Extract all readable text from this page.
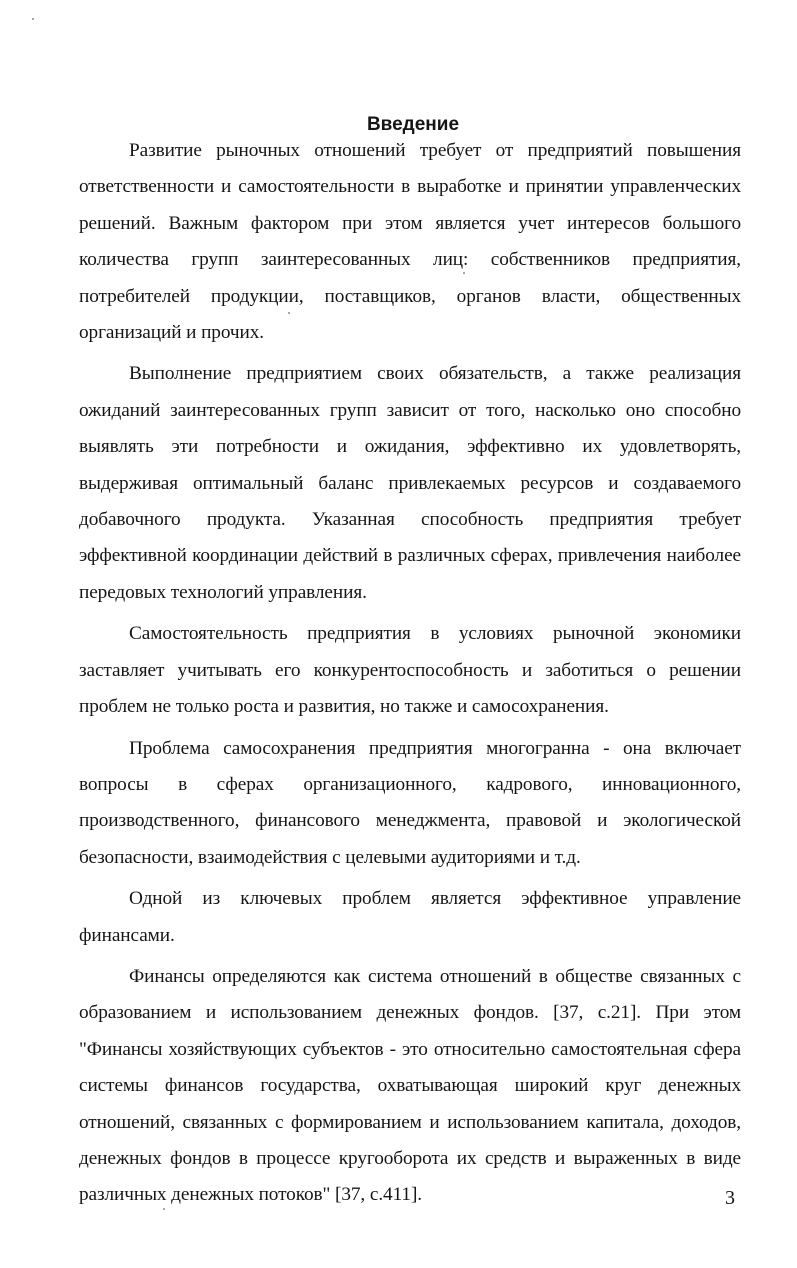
Введение

Развитие рыночных отношений требует от предприятий повышения ответственности и самостоятельности в выработке и принятии управленческих решений. Важным фактором при этом является учет интересов большого количества групп заинтересованных лиц: собственников предприятия, потребителей продукции, поставщиков, органов власти, общественных организаций и прочих.

Выполнение предприятием своих обязательств, а также реализация ожиданий заинтересованных групп зависит от того, насколько оно способно выявлять эти потребности и ожидания, эффективно их удовлетворять, выдерживая оптимальный баланс привлекаемых ресурсов и создаваемого добавочного продукта. Указанная способность предприятия требует эффективной координации действий в различных сферах, привлечения наиболее передовых технологий управления.

Самостоятельность предприятия в условиях рыночной экономики заставляет учитывать его конкурентоспособность и заботиться о решении проблем не только роста и развития, но также и самосохранения.

Проблема самосохранения предприятия многогранна - она включает вопросы в сферах организационного, кадрового, инновационного, производственного, финансового менеджмента, правовой и экологической безопасности, взаимодействия с целевыми аудиториями и т.д.

Одной из ключевых проблем является эффективное управление финансами.

Финансы определяются как система отношений в обществе связанных с образованием и использованием денежных фондов. [37, с.21]. При этом "Финансы хозяйствующих субъектов - это относительно самостоятельная сфера системы финансов государства, охватывающая широкий круг денежных отношений, связанных с формированием и использованием капитала, доходов, денежных фондов в процессе кругооборота их средств и выраженных в виде различных денежных потоков" [37, с.411].	3
